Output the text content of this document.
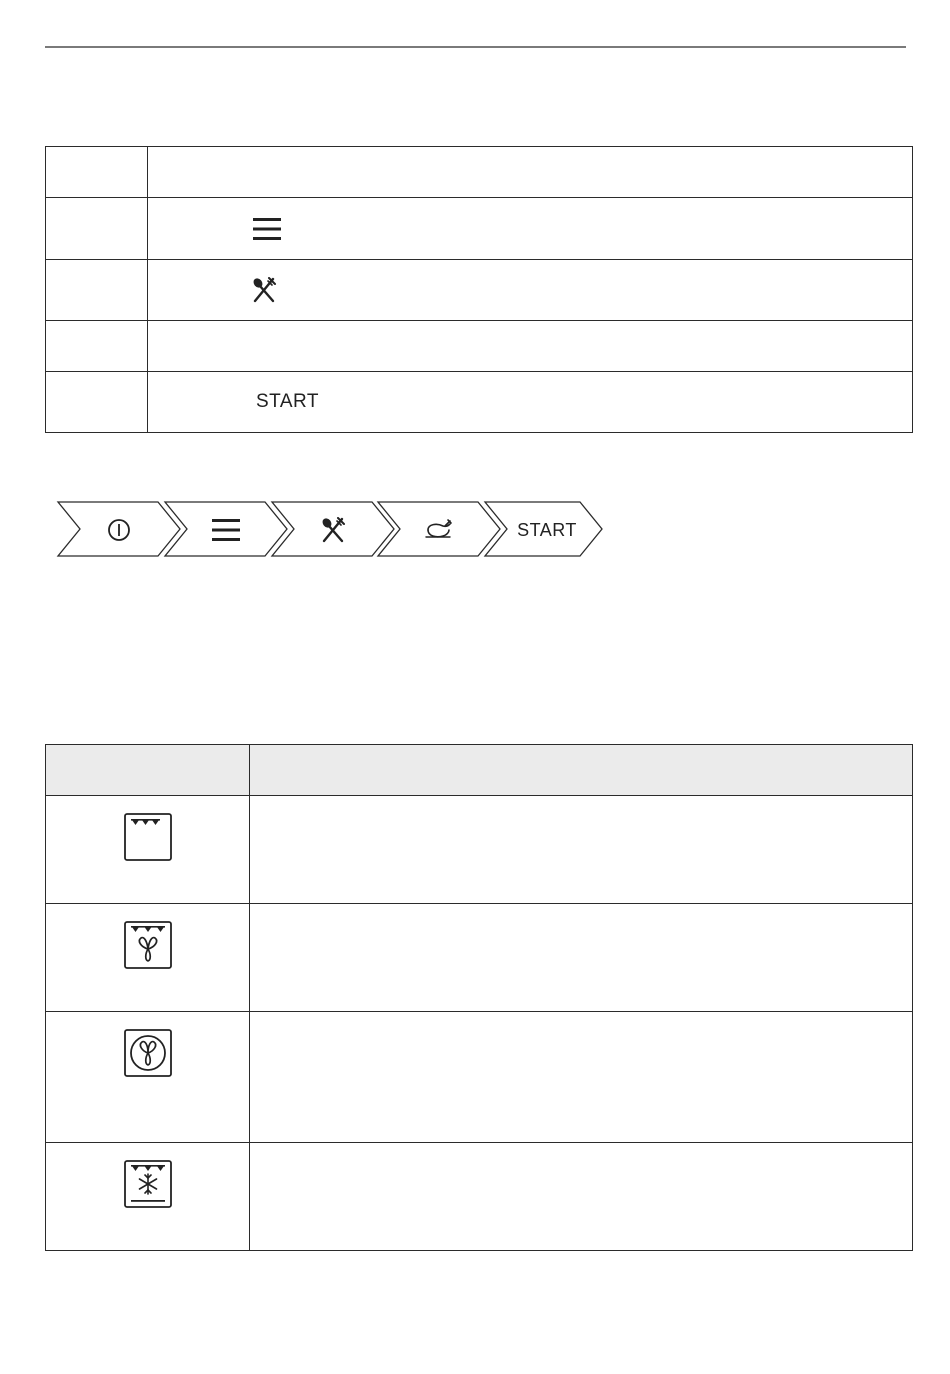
	START
START
